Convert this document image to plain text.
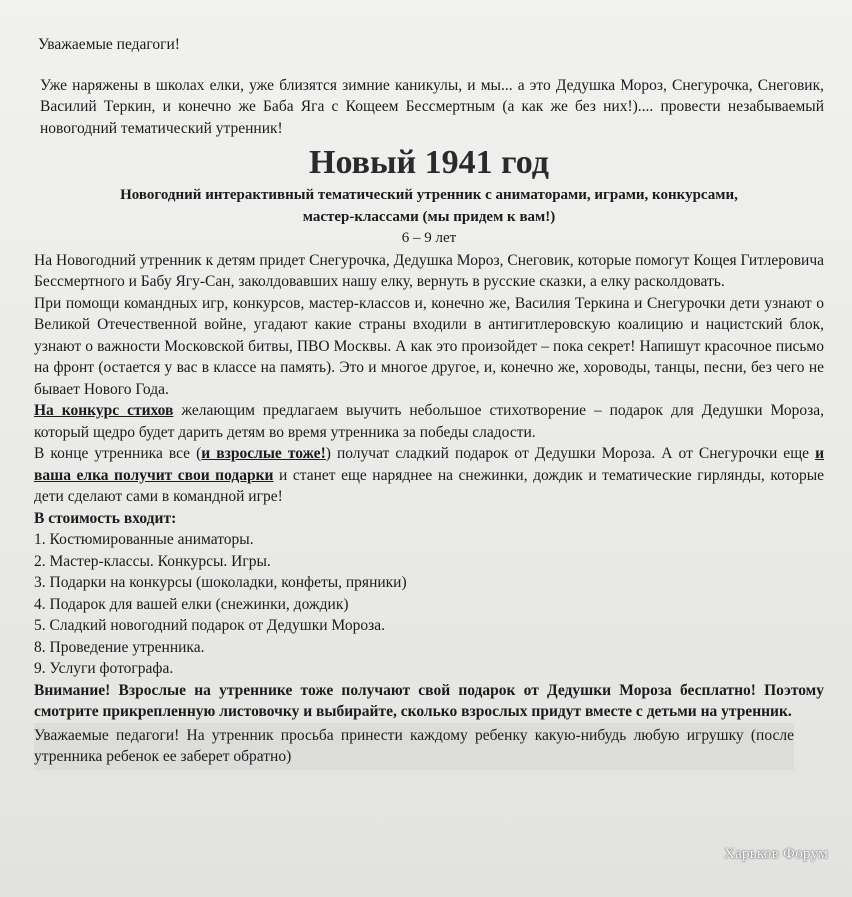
Уважаемые педагоги!

Уже наряжены в школах елки, уже близятся зимние каникулы, и мы... а это Дедушка Мороз, Снегурочка, Снеговик, Василий Теркин, и конечно же Баба Яга с Кощеем Бессмертным (а как же без них!).... провести незабываемый новогодний тематический утренник!

Новый 1941 год

Новогодний интерактивный тематический утренник с аниматорами, играми, конкурсами, мастер-классами (мы придем к вам!)

6 – 9 лет

На Новогодний утренник к детям придет Снегурочка, Дедушка Мороз, Снеговик, которые помогут Кощея Гитлеровича Бессмертного и Бабу Ягу-Сан, заколдовавших нашу елку, вернуть в русские сказки, а елку расколдовать.

При помощи командных игр, конкурсов, мастер-классов и, конечно же, Василия Теркина и Снегурочки дети узнают о Великой Отечественной войне, угадают какие страны входили в антигитлеровскую коалицию и нацистский блок, узнают о важности Московской битвы, ПВО Москвы. А как это произойдет – пока секрет! Напишут красочное письмо на фронт (остается у вас в классе на память). Это и многое другое, и, конечно же, хороводы, танцы, песни, без чего не бывает Нового Года.

На конкурс стихов желающим предлагаем выучить небольшое стихотворение – подарок для Дедушки Мороза, который щедро будет дарить детям во время утренника за победы сладости.

В конце утренника все (и взрослые тоже!) получат сладкий подарок от Дедушки Мороза. А от Снегурочки еще и ваша елка получит свои подарки и станет еще наряднее на снежинки, дождик и тематические гирлянды, которые дети сделают сами в командной игре!

В стоимость входит:

1. Костюмированные аниматоры.
2. Мастер-классы. Конкурсы. Игры.
3. Подарки на конкурсы (шоколадки, конфеты, пряники)
4. Подарок для вашей елки (снежинки, дождик)
5. Сладкий новогодний подарок от Дедушки Мороза.
8. Проведение утренника.
9. Услуги фотографа.

Внимание! Взрослые на утреннике тоже получают свой подарок от Дедушки Мороза бесплатно! Поэтому смотрите прикрепленную листовочку и выбирайте, сколько взрослых придут вместе с детьми на утренник.

Уважаемые педагоги! На утренник просьба принести каждому ребенку какую-нибудь любую игрушку (после утренника ребенок ее заберет обратно)

Харьков Форум
